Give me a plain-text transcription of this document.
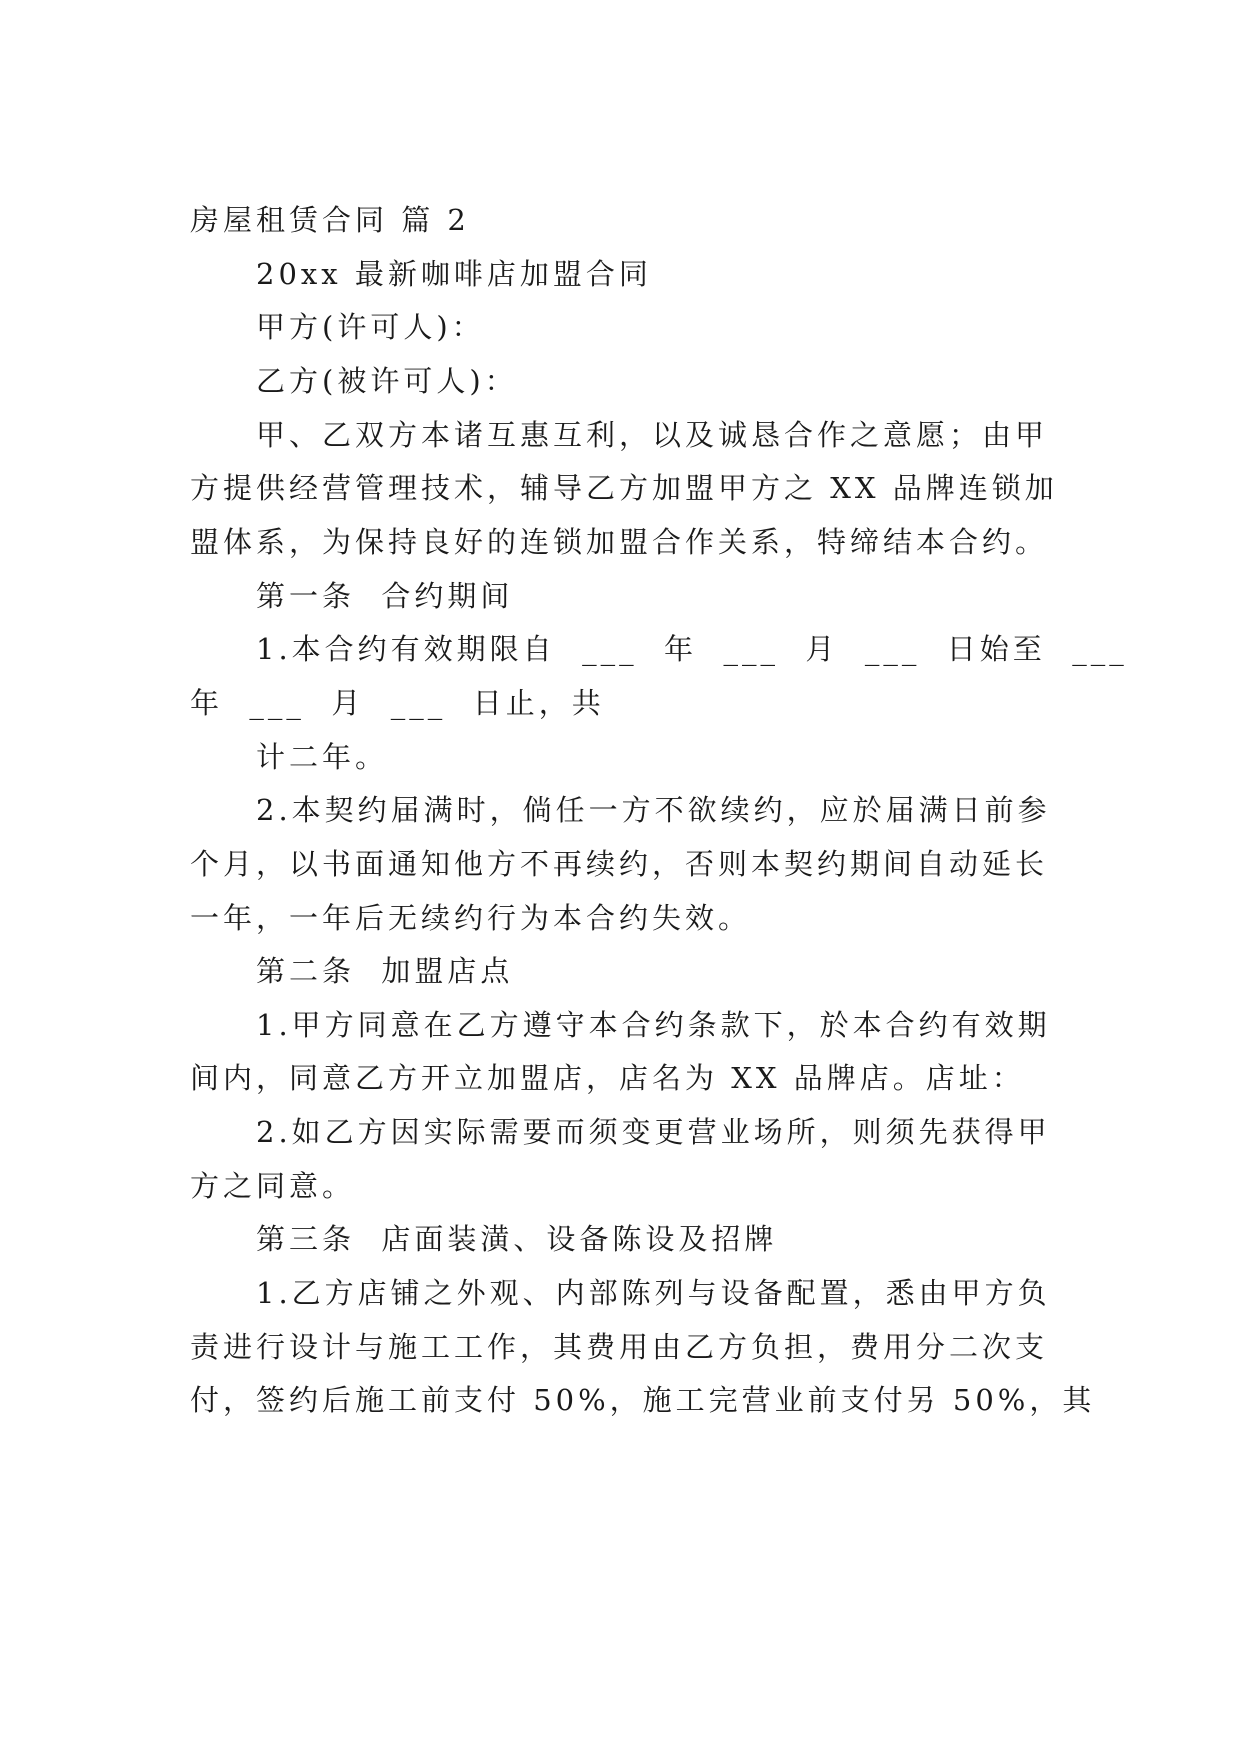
房屋租赁合同 篇 2
20xx 最新咖啡店加盟合同
甲方(许可人)：
乙方(被许可人)：
甲、乙双方本诸互惠互利，以及诚恳合作之意愿；由甲
方提供经营管理技术，辅导乙方加盟甲方之 XX 品牌连锁加
盟体系，为保持良好的连锁加盟合作关系，特缔结本合约。
第一条  合约期间
1.本合约有效期限自  ___  年  ___  月  ___  日始至  ___
年  ___  月  ___  日止，共
计二年。
2.本契约届满时，倘任一方不欲续约，应於届满日前参
个月，以书面通知他方不再续约，否则本契约期间自动延长
一年，一年后无续约行为本合约失效。
第二条  加盟店点
1.甲方同意在乙方遵守本合约条款下，於本合约有效期
间内，同意乙方开立加盟店，店名为 XX 品牌店。店址：
2.如乙方因实际需要而须变更营业场所，则须先获得甲
方之同意。
第三条  店面装潢、设备陈设及招牌
1.乙方店铺之外观、内部陈列与设备配置，悉由甲方负
责进行设计与施工工作，其费用由乙方负担，费用分二次支
付，签约后施工前支付 50%，施工完营业前支付另 50%，其
